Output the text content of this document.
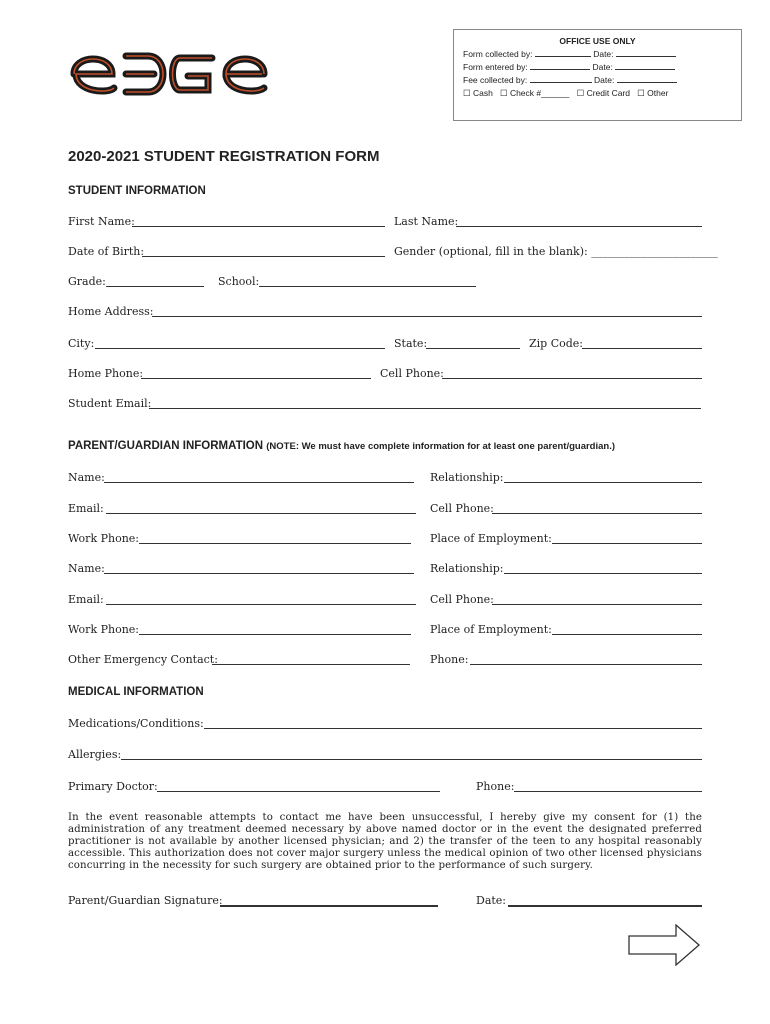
OFFICE USE ONLY
Form collected by:	Date:
Form entered by:	Date:
Fee collected by:	Date:
☐ Cash ☐ Check #______ ☐ Credit Card ☐ Other
2020-2021 STUDENT REGISTRATION FORM
STUDENT INFORMATION
First Name:	Last Name:
Date of Birth:	Gender (optional, fill in the blank): _______________________
Grade:	School:
Home Address:
City:	State:	Zip Code:
Home Phone:	Cell Phone:
Student Email:
PARENT/GUARDIAN INFORMATION (NOTE: We must have complete information for at least one parent/guardian.)
Name:	Relationship:
Email:	Cell Phone:
Work Phone:	Place of Employment:
Name:	Relationship:
Email:	Cell Phone:
Work Phone:	Place of Employment:
Other Emergency Contact:	Phone:
MEDICAL INFORMATION
Medications/Conditions:
Allergies:
Primary Doctor:	Phone:
In the event reasonable attempts to contact me have been unsuccessful, I hereby give my consent for (1) the administration of any treatment deemed necessary by above named doctor or in the event the designated preferred practitioner is not available by another licensed physician; and 2) the transfer of the teen to any hospital reasonably accessible. This authorization does not cover major surgery unless the medical opinion of two other licensed physicians concurring in the necessity for such surgery are obtained prior to the performance of such surgery.
Parent/Guardian Signature:	Date:
